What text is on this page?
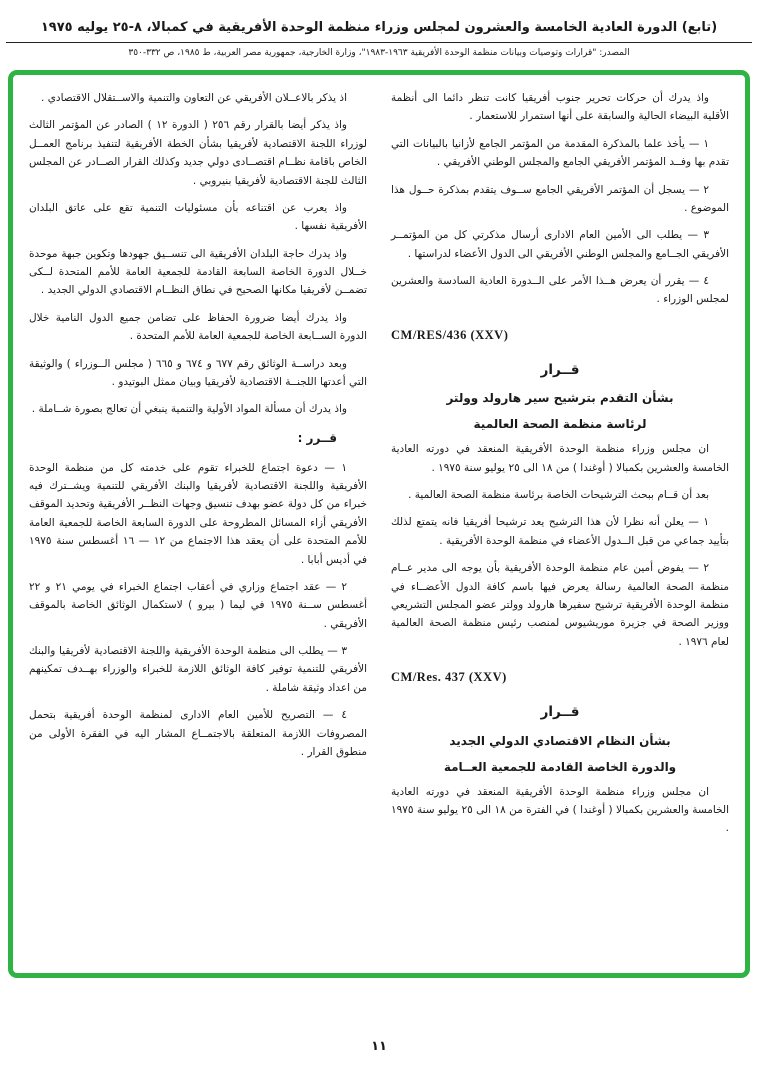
(تابع) الدورة العادية الخامسة والعشرون لمجلس وزراء منظمة الوحدة الأفريقية في كمبالا، ٨-٢٥ يوليه ١٩٧٥
المصدر: "قرارات وتوصيات وبيانات منظمة الوحدة الأفريقية ١٩٦٣-١٩٨٣"، وزارة الخارجية، جمهورية مصر العربية، ط ١٩٨٥، ص ٣٣٢-٣٥٠

واذ يدرك أن حركات تحرير جنوب أفريقيا كانت تنظر دائما الى أنظمة الأقلية البيضاء الحالية والسابقة على أنها استمرار للاستعمار .

١ — يأخذ علما بالمذكرة المقدمة من المؤتمر الجامع لأزانيا بالبيانات التي تقدم بها وفــد المؤتمر الأفريقي الجامع والمجلس الوطني الأفريقي .

٢ — يسجل أن المؤتمر الأفريقي الجامع ســوف يتقدم بمذكرة حــول هذا الموضوع .

٣ — يطلب الى الأمين العام الادارى أرسال مذكرتي كل من المؤتمــر الأفريقي الجــامع والمجلس الوطني الأفريقي الى الدول الأعضاء لدراستها .

٤ — يقرر أن يعرض هــذا الأمر على الــدورة العادية السادسة والعشرين لمجلس الوزراء .

CM/RES/436 (XXV)

قــرار

بشأن التقدم بترشيح سير هارولد وولتر

لرئاسة منظمة الصحة العالمية

ان مجلس وزراء منظمة الوحدة الأفريقية المنعقد في دورته العادية الخامسة والعشرين بكمبالا ( أوغندا ) من ١٨ الى ٢٥ يوليو سنة ١٩٧٥ .

بعد أن قــام ببحث الترشيحات الخاصة برئاسة منظمة الصحة العالمية .

١ — يعلن أنه نظرا لأن هذا الترشيح يعد ترشيحا أفريقيا فانه يتمتع لذلك بتأييد جماعي من قبل الــدول الأعضاء في منظمة الوحدة الأفريقية .

٢ — يفوض أمين عام منظمة الوحدة الأفريقية بأن يوجه الى مدير عــام منظمة الصحة العالمية رسالة يعرض فيها باسم كافة الدول الأعضــاء في منظمة الوحدة الأفريقية ترشيح سفيرها هارولد وولتر عضو المجلس التشريعي ووزير الصحة في جزيرة موريشيوس لمنصب رئيس منظمة الصحة العالمية لعام ١٩٧٦ .

CM/Res. 437 (XXV)

قــرار

بشأن النظام الاقتصادي الدولي الجديد

والدورة الخاصة القادمة للجمعية العــامة

ان مجلس وزراء منظمة الوحدة الأفريقية المنعقد في دورته العادية الخامسة والعشرين بكمبالا ( أوغندا ) في الفترة من ١٨ الى ٢٥ يوليو سنة ١٩٧٥ .

اذ يذكر بالاعــلان الأفريقي عن التعاون والتنمية والاســتقلال الاقتصادي .

واذ يذكر أيضا بالقرار رقم ٢٥٦ ( الدورة ١٢ ) الصادر عن المؤتمر الثالث لوزراء اللجنة الاقتصادية لأفريقيا بشأن الخطة الأفريقية لتنفيذ برنامج العمــل الخاص باقامة نظــام اقتصــادى دولي جديد وكذلك القرار الصــادر عن المجلس الثالث للجنة الاقتصادية لأفريقيا بنيروبي .

واذ يعرب عن اقتناعه بأن مسئوليات التنمية تقع على عاتق البلدان الأفريقية نفسها .

واذ يدرك حاجة البلدان الأفريقية الى تنســيق جهودها وتكوين جبهة موحدة خــلال الدورة الخاصة السابعة القادمة للجمعية العامة للأمم المتحدة لــكى تضمــن لأفريقيا مكانها الصحيح في نطاق النظــام الاقتصادي الدولي الجديد .

واذ يدرك أيضا ضرورة الحفاظ على تضامن جميع الدول النامية خلال الدورة الســابعة الخاصة للجمعية العامة للأمم المتحدة .

وبعد دراســة الوثائق رقم ٦٧٧ و ٦٧٤ و ٦٦٥ ( مجلس الــوزراء ) والوثيقة التي أعدتها اللجنــة الاقتصادية لأفريقيا وبيان ممثل البوتيدو .

واذ يدرك أن مسألة المواد الأولية والتنمية ينبغي أن تعالج بصورة شــاملة .

قــرر :

١ — دعوة اجتماع للخبراء تقوم على خدمته كل من منظمة الوحدة الأفريقية واللجنة الاقتصادية لأفريقيا والبنك الأفريقي للتنمية ويشــترك فيه خبراء من كل دولة عضو بهدف تنسيق وجهات النظــر الأفريقية وتحديد الموقف الأفريقي أزاء المسائل المطروحة على الدورة السابعة الخاصة للجمعية العامة للأمم المتحدة على أن يعقد هذا الاجتماع من ١٢ — ١٦ أغسطس سنة ١٩٧٥ في أديس أبابا .

٢ — عقد اجتماع وزاري في أعقاب اجتماع الخبراء في يومي ٢١ و ٢٢ أغسطس ســنة ١٩٧٥ في ليما ( بيرو ) لاستكمال الوثائق الخاصة بالموقف الأفريقي .

٣ — يطلب الى منظمة الوحدة الأفريقية واللجنة الاقتصادية لأفريقيا والبنك الأفريقي للتنمية توفير كافة الوثائق اللازمة للخبراء والوزراء بهــدف تمكينهم من اعداد وثيقة شاملة .

٤ — التصريح للأمين العام الادارى لمنظمة الوحدة أفريقية بتحمل المصروفات اللازمة المتعلقة بالاجتمــاع المشار اليه في الفقرة الأولى من منطوق القرار .

١١
